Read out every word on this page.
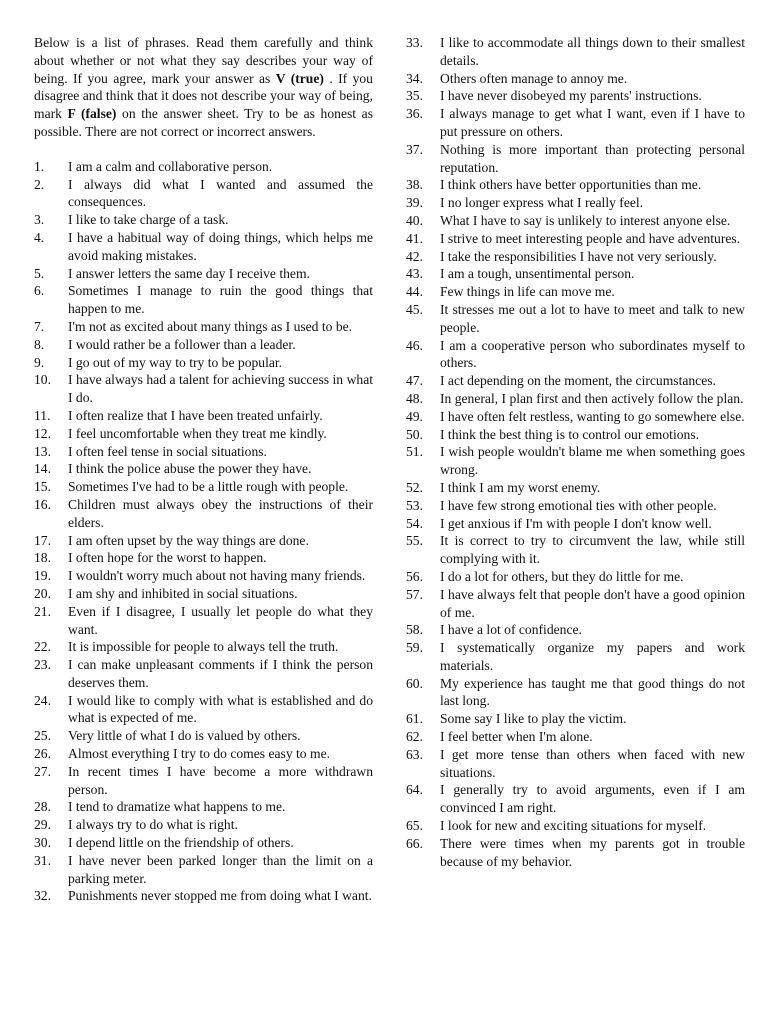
Below is a list of phrases. Read them carefully and think about whether or not what they say describes your way of being. If you agree, mark your answer as V (true) . If you disagree and think that it does not describe your way of being, mark F (false) on the answer sheet. Try to be as honest as possible. There are not correct or incorrect answers.

1.	I am a calm and collaborative person.
2.	I always did what I wanted and assumed the consequences.
3.	I like to take charge of a task.
4.	I have a habitual way of doing things, which helps me avoid making mistakes.
5.	I answer letters the same day I receive them.
6.	Sometimes I manage to ruin the good things that happen to me.
7.	I'm not as excited about many things as I used to be.
8.	I would rather be a follower than a leader.
9.	I go out of my way to try to be popular.
10.	I have always had a talent for achieving success in what I do.
11.	I often realize that I have been treated unfairly.
12.	I feel uncomfortable when they treat me kindly.
13.	I often feel tense in social situations.
14.	I think the police abuse the power they have.
15.	Sometimes I've had to be a little rough with people.
16.	Children must always obey the instructions of their elders.
17.	I am often upset by the way things are done.
18.	I often hope for the worst to happen.
19.	I wouldn't worry much about not having many friends.
20.	I am shy and inhibited in social situations.
21.	Even if I disagree, I usually let people do what they want.
22.	It is impossible for people to always tell the truth.
23.	I can make unpleasant comments if I think the person deserves them.
24.	I would like to comply with what is established and do what is expected of me.
25.	Very little of what I do is valued by others.
26.	Almost everything I try to do comes easy to me.
27.	In recent times I have become a more withdrawn person.
28.	I tend to dramatize what happens to me.
29.	I always try to do what is right.
30.	I depend little on the friendship of others.
31.	I have never been parked longer than the limit on a parking meter.
32.	Punishments never stopped me from doing what I want.
33.	I like to accommodate all things down to their smallest details.
34.	Others often manage to annoy me.
35.	I have never disobeyed my parents' instructions.
36.	I always manage to get what I want, even if I have to put pressure on others.
37.	Nothing is more important than protecting personal reputation.
38.	I think others have better opportunities than me.
39.	I no longer express what I really feel.
40.	What I have to say is unlikely to interest anyone else.
41.	I strive to meet interesting people and have adventures.
42.	I take the responsibilities I have not very seriously.
43.	I am a tough, unsentimental person.
44.	Few things in life can move me.
45.	It stresses me out a lot to have to meet and talk to new people.
46.	I am a cooperative person who subordinates myself to others.
47.	I act depending on the moment, the circumstances.
48.	In general, I plan first and then actively follow the plan.
49.	I have often felt restless, wanting to go somewhere else.
50.	I think the best thing is to control our emotions.
51.	I wish people wouldn't blame me when something goes wrong.
52.	I think I am my worst enemy.
53.	I have few strong emotional ties with other people.
54.	I get anxious if I'm with people I don't know well.
55.	It is correct to try to circumvent the law, while still complying with it.
56.	I do a lot for others, but they do little for me.
57.	I have always felt that people don't have a good opinion of me.
58.	I have a lot of confidence.
59.	I systematically organize my papers and work materials.
60.	My experience has taught me that good things do not last long.
61.	Some say I like to play the victim.
62.	I feel better when I'm alone.
63.	I get more tense than others when faced with new situations.
64.	I generally try to avoid arguments, even if I am convinced I am right.
65.	I look for new and exciting situations for myself.
66.	There were times when my parents got in trouble because of my behavior.
